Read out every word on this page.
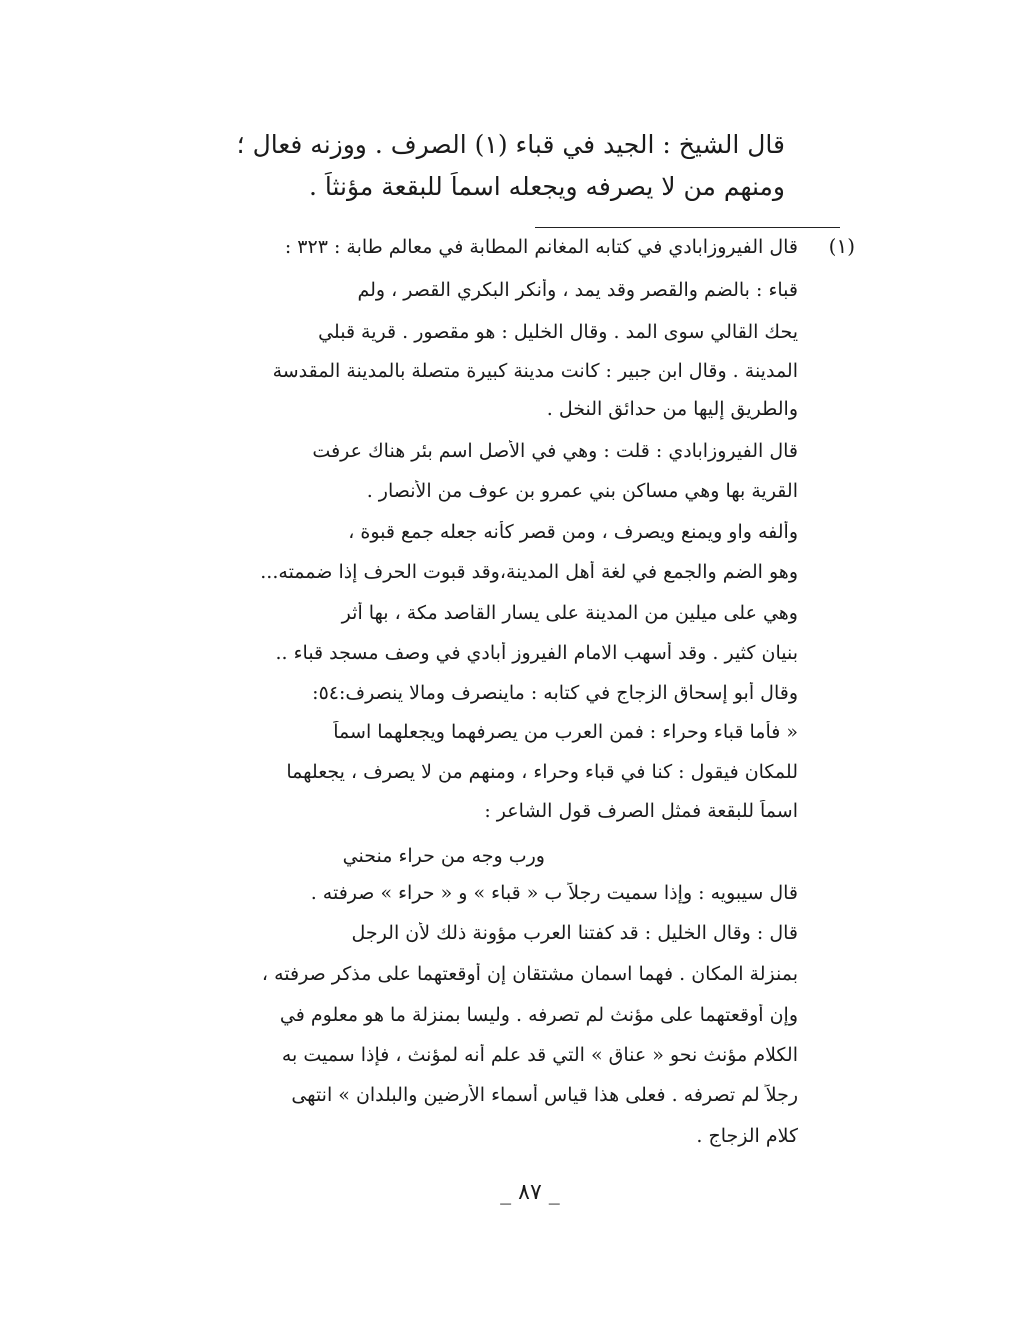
قال الشيخ : الجيد في قباء (١) الصرف . ووزنه فعال ؛
ومنهم من لا يصرفه ويجعله اسماً للبقعة مؤنثاً .
(١)
قال الفيروزابادي في كتابه المغانم المطابة في معالم طابة : ٣٢٣ :
قباء : بالضم والقصر وقد يمد ، وأنكر البكري القصر ، ولم
يحك القالي سوى المد . وقال الخليل : هو مقصور . قرية قبلي
المدينة . وقال ابن جبير : كانت مدينة كبيرة متصلة بالمدينة المقدسة
والطريق إليها من حدائق النخل .
قال الفيروزابادي : قلت : وهي في الأصل اسم بئر هناك عرفت
القرية بها وهي مساكن بني عمرو بن عوف من الأنصار .
وألفه واو ويمنع ويصرف ، ومن قصر كأنه جعله جمع قبوة ،
وهو الضم والجمع في لغة أهل المدينة،وقد قبوت الحرف إذا ضممته...
وهي على ميلين من المدينة على يسار القاصد مكة ، بها أثر
بنيان كثير . وقد أسهب الامام الفيروز أبادي في وصف مسجد قباء ..
وقال أبو إسحاق الزجاج في كتابه : ماينصرف ومالا ينصرف:٥٤:
« فأما قباء وحراء : فمن العرب من يصرفهما ويجعلهما اسماً
للمكان فيقول : كنا في قباء وحراء ، ومنهم من لا يصرف ، يجعلهما
اسماً للبقعة فمثل الصرف قول الشاعر :
ورب وجه من حراء منحني
قال سيبويه : وإذا سميت رجلاً ب « قباء » و « حراء » صرفته .
قال : وقال الخليل : قد كفتنا العرب مؤونة ذلك لأن الرجل
بمنزلة المكان . فهما اسمان مشتقان إن أوقعتهما على مذكر صرفته ،
وإن أوقعتهما على مؤنث لم تصرفه . وليسا بمنزلة ما هو معلوم في
الكلام مؤنث نحو « عناق » التي قد علم أنه لمؤنث ، فإذا سميت به
رجلاً لم تصرفه . فعلى هذا قياس أسماء الأرضين والبلدان » انتهى
كلام الزجاج .
_ ٨٧ _
